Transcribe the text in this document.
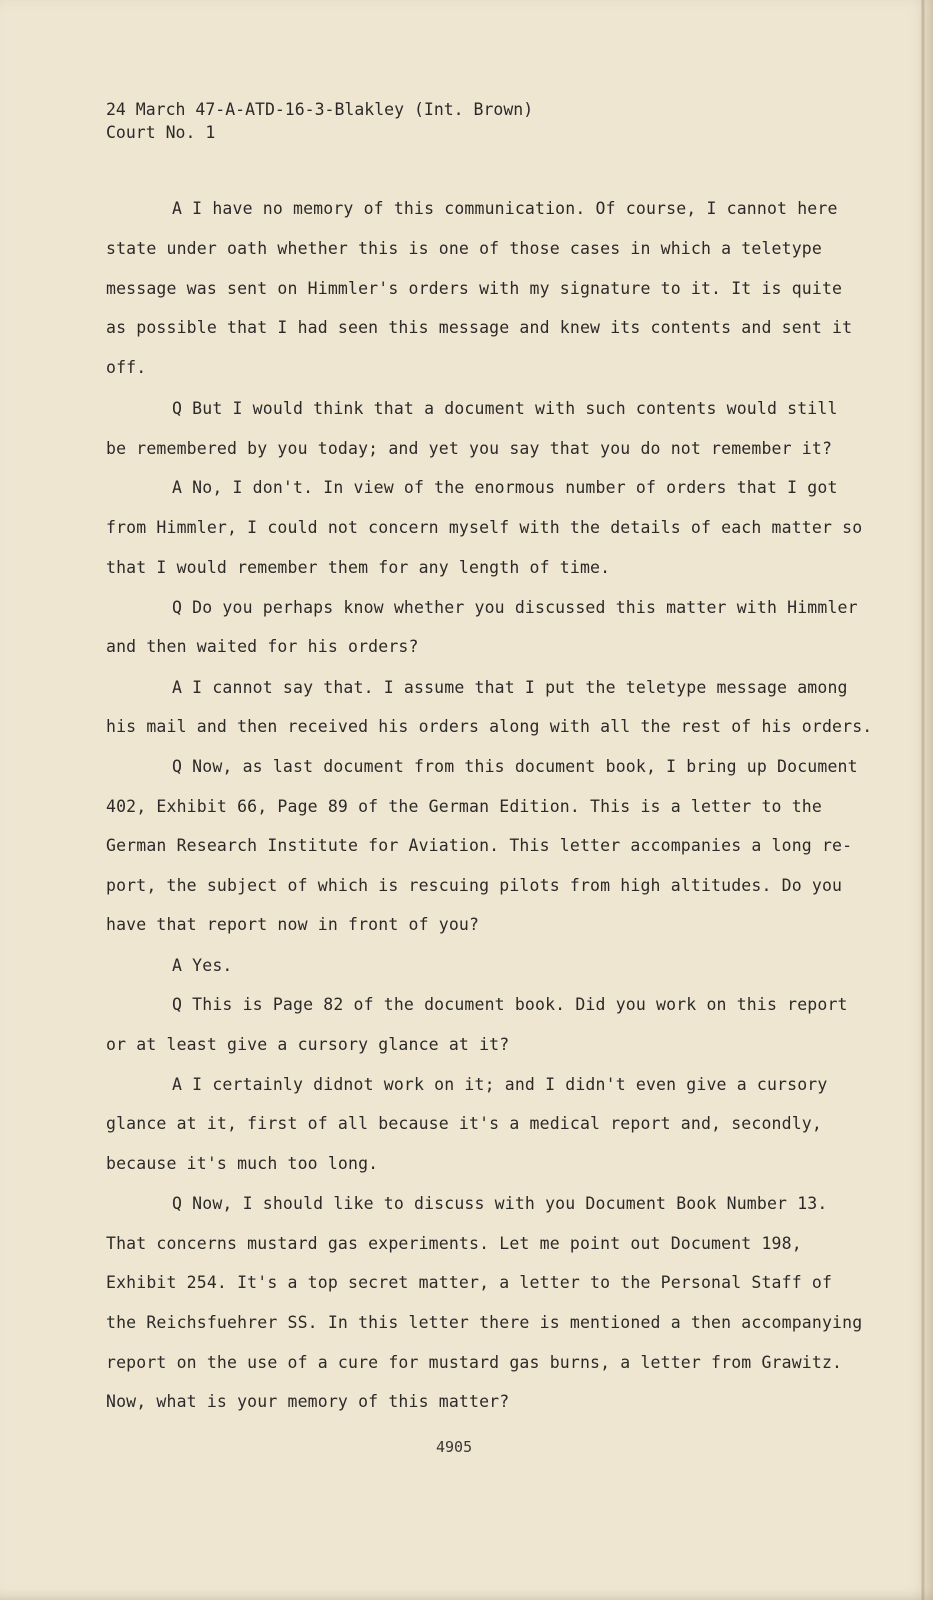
24 March 47-A-ATD-16-3-Blakley (Int. Brown)
Court No. 1
A I have no memory of this communication. Of course, I cannot here
state under oath whether this is one of those cases in which a teletype
message was sent on Himmler's orders with my signature to it. It is quite
as possible that I had seen this message and knew its contents and sent it
off.
Q But I would think that a document with such contents would still
be remembered by you today; and yet you say that you do not remember it?
A No, I don't. In view of the enormous number of orders that I got
from Himmler, I could not concern myself with the details of each matter so
that I would remember them for any length of time.
Q Do you perhaps know whether you discussed this matter with Himmler
and then waited for his orders?
A I cannot say that. I assume that I put the teletype message among
his mail and then received his orders along with all the rest of his orders.
Q Now, as last document from this document book, I bring up Document
402, Exhibit 66, Page 89 of the German Edition. This is a letter to the
German Research Institute for Aviation. This letter accompanies a long re-
port, the subject of which is rescuing pilots from high altitudes. Do you
have that report now in front of you?
A Yes.
Q This is Page 82 of the document book. Did you work on this report
or at least give a cursory glance at it?
A I certainly didnot work on it; and I didn't even give a cursory
glance at it, first of all because it's a medical report and, secondly,
because it's much too long.
Q Now, I should like to discuss with you Document Book Number 13.
That concerns mustard gas experiments. Let me point out Document 198,
Exhibit 254. It's a top secret matter, a letter to the Personal Staff of
the Reichsfuehrer SS. In this letter there is mentioned a then accompanying
report on the use of a cure for mustard gas burns, a letter from Grawitz.
Now, what is your memory of this matter?
4905
